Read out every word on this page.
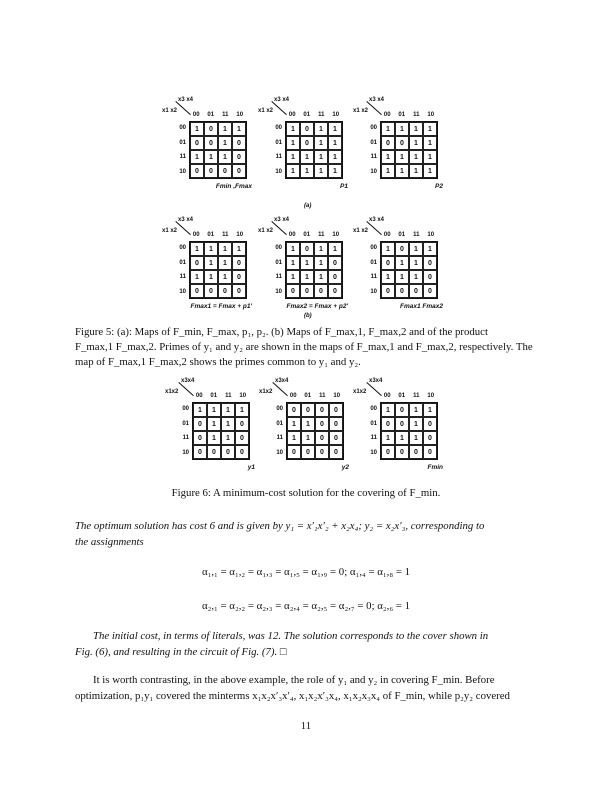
x3 x4
x1 x2
00	01	11	10
00
01
11
10
1	0	1	1
0	0	1	0
1	1	1	0
0	0	0	0
Fmin ,Fmax
x3 x4
x1 x2
00	01	11	10
00
01
11
10
1	0	1	1
1	0	1	1
1	1	1	1
1	1	1	1
P1
x3 x4
x1 x2
00	01	11	10
00
01
11
10
1	1	1	1
0	0	1	1
1	1	1	1
1	1	1	1
P2
x3 x4
x1 x2
00	01	11	10
00
01
11
10
1	1	1	1
0	1	1	0
1	1	1	0
0	0	0	0
Fmax1 = Fmax + p1'
x3 x4
x1 x2
00	01	11	10
00
01
11
10
1	0	1	1
1	1	1	0
1	1	1	0
0	0	0	0
Fmax2 = Fmax + p2'
x3 x4
x1 x2
00	01	11	10
00
01
11
10
1	0	1	1
0	1	1	0
1	1	1	0
0	0	0	0
Fmax1 Fmax2
x3x4
x1x2
00	01	11	10
00
01
11
10
1	1	1	1
0	1	1	0
0	1	1	0
0	0	0	0
y1
x3x4
x1x2
00	01	11	10
00
01
11
10
0	0	0	0
1	1	0	0
1	1	0	0
0	0	0	0
y2
x3x4
x1x2
00	01	11	10
00
01
11
10
1	0	1	1
0	0	1	0
1	1	1	0
0	0	0	0
Fmin
(a)
(b)
Figure 5: (a): Maps of F_min, F_max, p₁, p₂. (b) Maps of F_max,1, F_max,2 and of the product
F_max,1 F_max,2. Primes of y₁ and y₂ are shown in the maps of F_max,1 and F_max,2, respectively. The
map of F_max,1 F_max,2 shows the primes common to y₁ and y₂.
Figure 6: A minimum-cost solution for the covering of F_min.
The optimum solution has cost 6 and is given by y₁ = x′₁x′₂ + x₂x₄; y₂ = x₂x′₃, corresponding to
the assignments
α₁,₁ = α₁,₂ = α₁,₃ = α₁,₅ = α₁,₉ = 0; α₁,₄ = α₁,₈ = 1
α₂,₁ = α₂,₂ = α₂,₃ = α₂,₄ = α₂,₅ = α₂,₇ = 0; α₂,₆ = 1
The initial cost, in terms of literals, was 12. The solution corresponds to the cover shown in
Fig. (6), and resulting in the circuit of Fig. (7). □
It is worth contrasting, in the above example, the role of y₁ and y₂ in covering F_min. Before
optimization, p₁y₁ covered the minterms x₁x₂x′₃x′₄, x₁x₂x′₃x₄, x₁x₂x₃x₄ of F_min, while p₂y₂ covered
11
